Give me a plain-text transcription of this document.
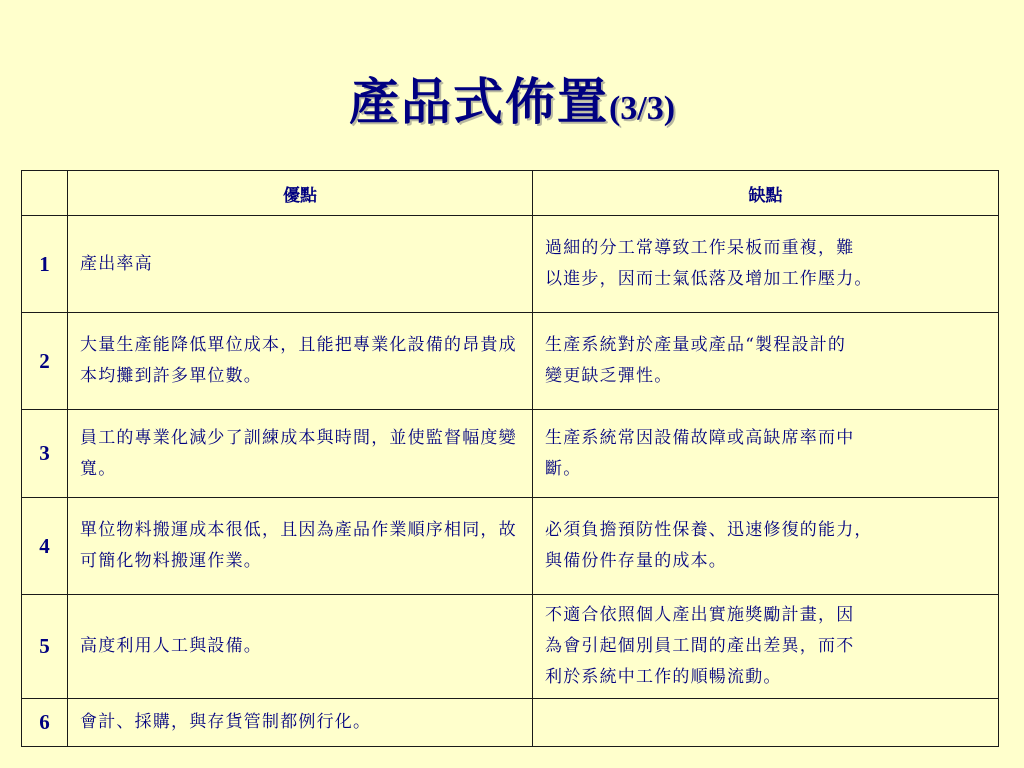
產品式佈置(3/3)
	優點	缺點
1	產出率高	過細的分工常導致工作呆板而重複，難
以進步，因而士氣低落及增加工作壓力。
2	大量生產能降低單位成本，且能把專業化設備的昂貴成本均攤到許多單位數。	生產系統對於產量或產品“製程設計的
變更缺乏彈性。
3	員工的專業化減少了訓練成本與時間，並使監督幅度變寬。	生產系統常因設備故障或高缺席率而中
斷。
4	單位物料搬運成本很低，且因為產品作業順序相同，故可簡化物料搬運作業。	必須負擔預防性保養、迅速修復的能力，
與備份件存量的成本。
5	高度利用人工與設備。	不適合依照個人產出實施獎勵計畫，因
為會引起個別員工間的產出差異，而不
利於系統中工作的順暢流動。
6	會計、採購，與存貨管制都例行化。	
